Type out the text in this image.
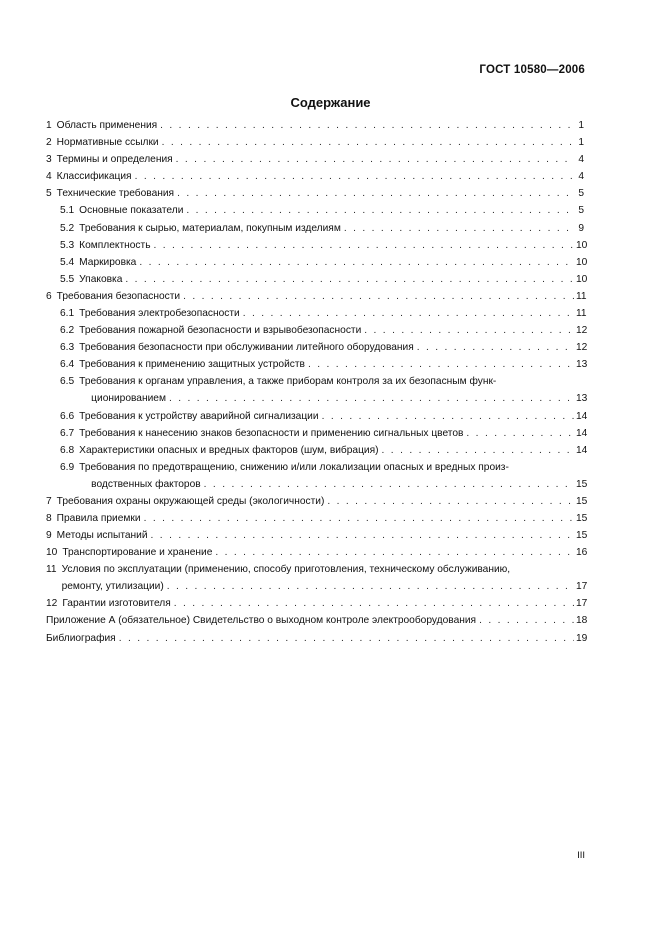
ГОСТ 10580—2006
Содержание
1 Область применения . . .	1
2 Нормативные ссылки . . .	1
3 Термины и определения . . .	4
4 Классификация . . .	4
5 Технические требования . . .	5
5.1 Основные показатели . . .	5
5.2 Требования к сырью, материалам, покупным изделиям . . .	9
5.3 Комплектность . . .	10
5.4 Маркировка . . .	10
5.5 Упаковка . . .	10
6 Требования безопасности . . .	11
6.1 Требования электробезопасности . . .	11
6.2 Требования пожарной безопасности и взрывобезопасности . . .	12
6.3 Требования безопасности при обслуживании литейного оборудования . . .	12
6.4 Требования к применению защитных устройств . . .	13
6.5 Требования к органам управления, а также приборам контроля за их безопасным функ-
ционированием . . .	13
6.6 Требования к устройству аварийной сигнализации . . .	14
6.7 Требования к нанесению знаков безопасности и применению сигнальных цветов . . .	14
6.8 Характеристики опасных и вредных факторов (шум, вибрация) . . .	14
6.9 Требования по предотвращению, снижению и/или локализации опасных и вредных произ-
водственных факторов . . .	15
7 Требования охраны окружающей среды (экологичности) . . .	15
8 Правила приемки . . .	15
9 Методы испытаний . . .	15
10 Транспортирование и хранение . . .	16
11 Условия по эксплуатации (применению, способу приготовления, техническому обслуживанию,
ремонту, утилизации) . . .	17
12 Гарантии изготовителя . . .	17
Приложение А (обязательное) Свидетельство о выходном контроле электрооборудования . . .	18
Библиография . . .	19
III
